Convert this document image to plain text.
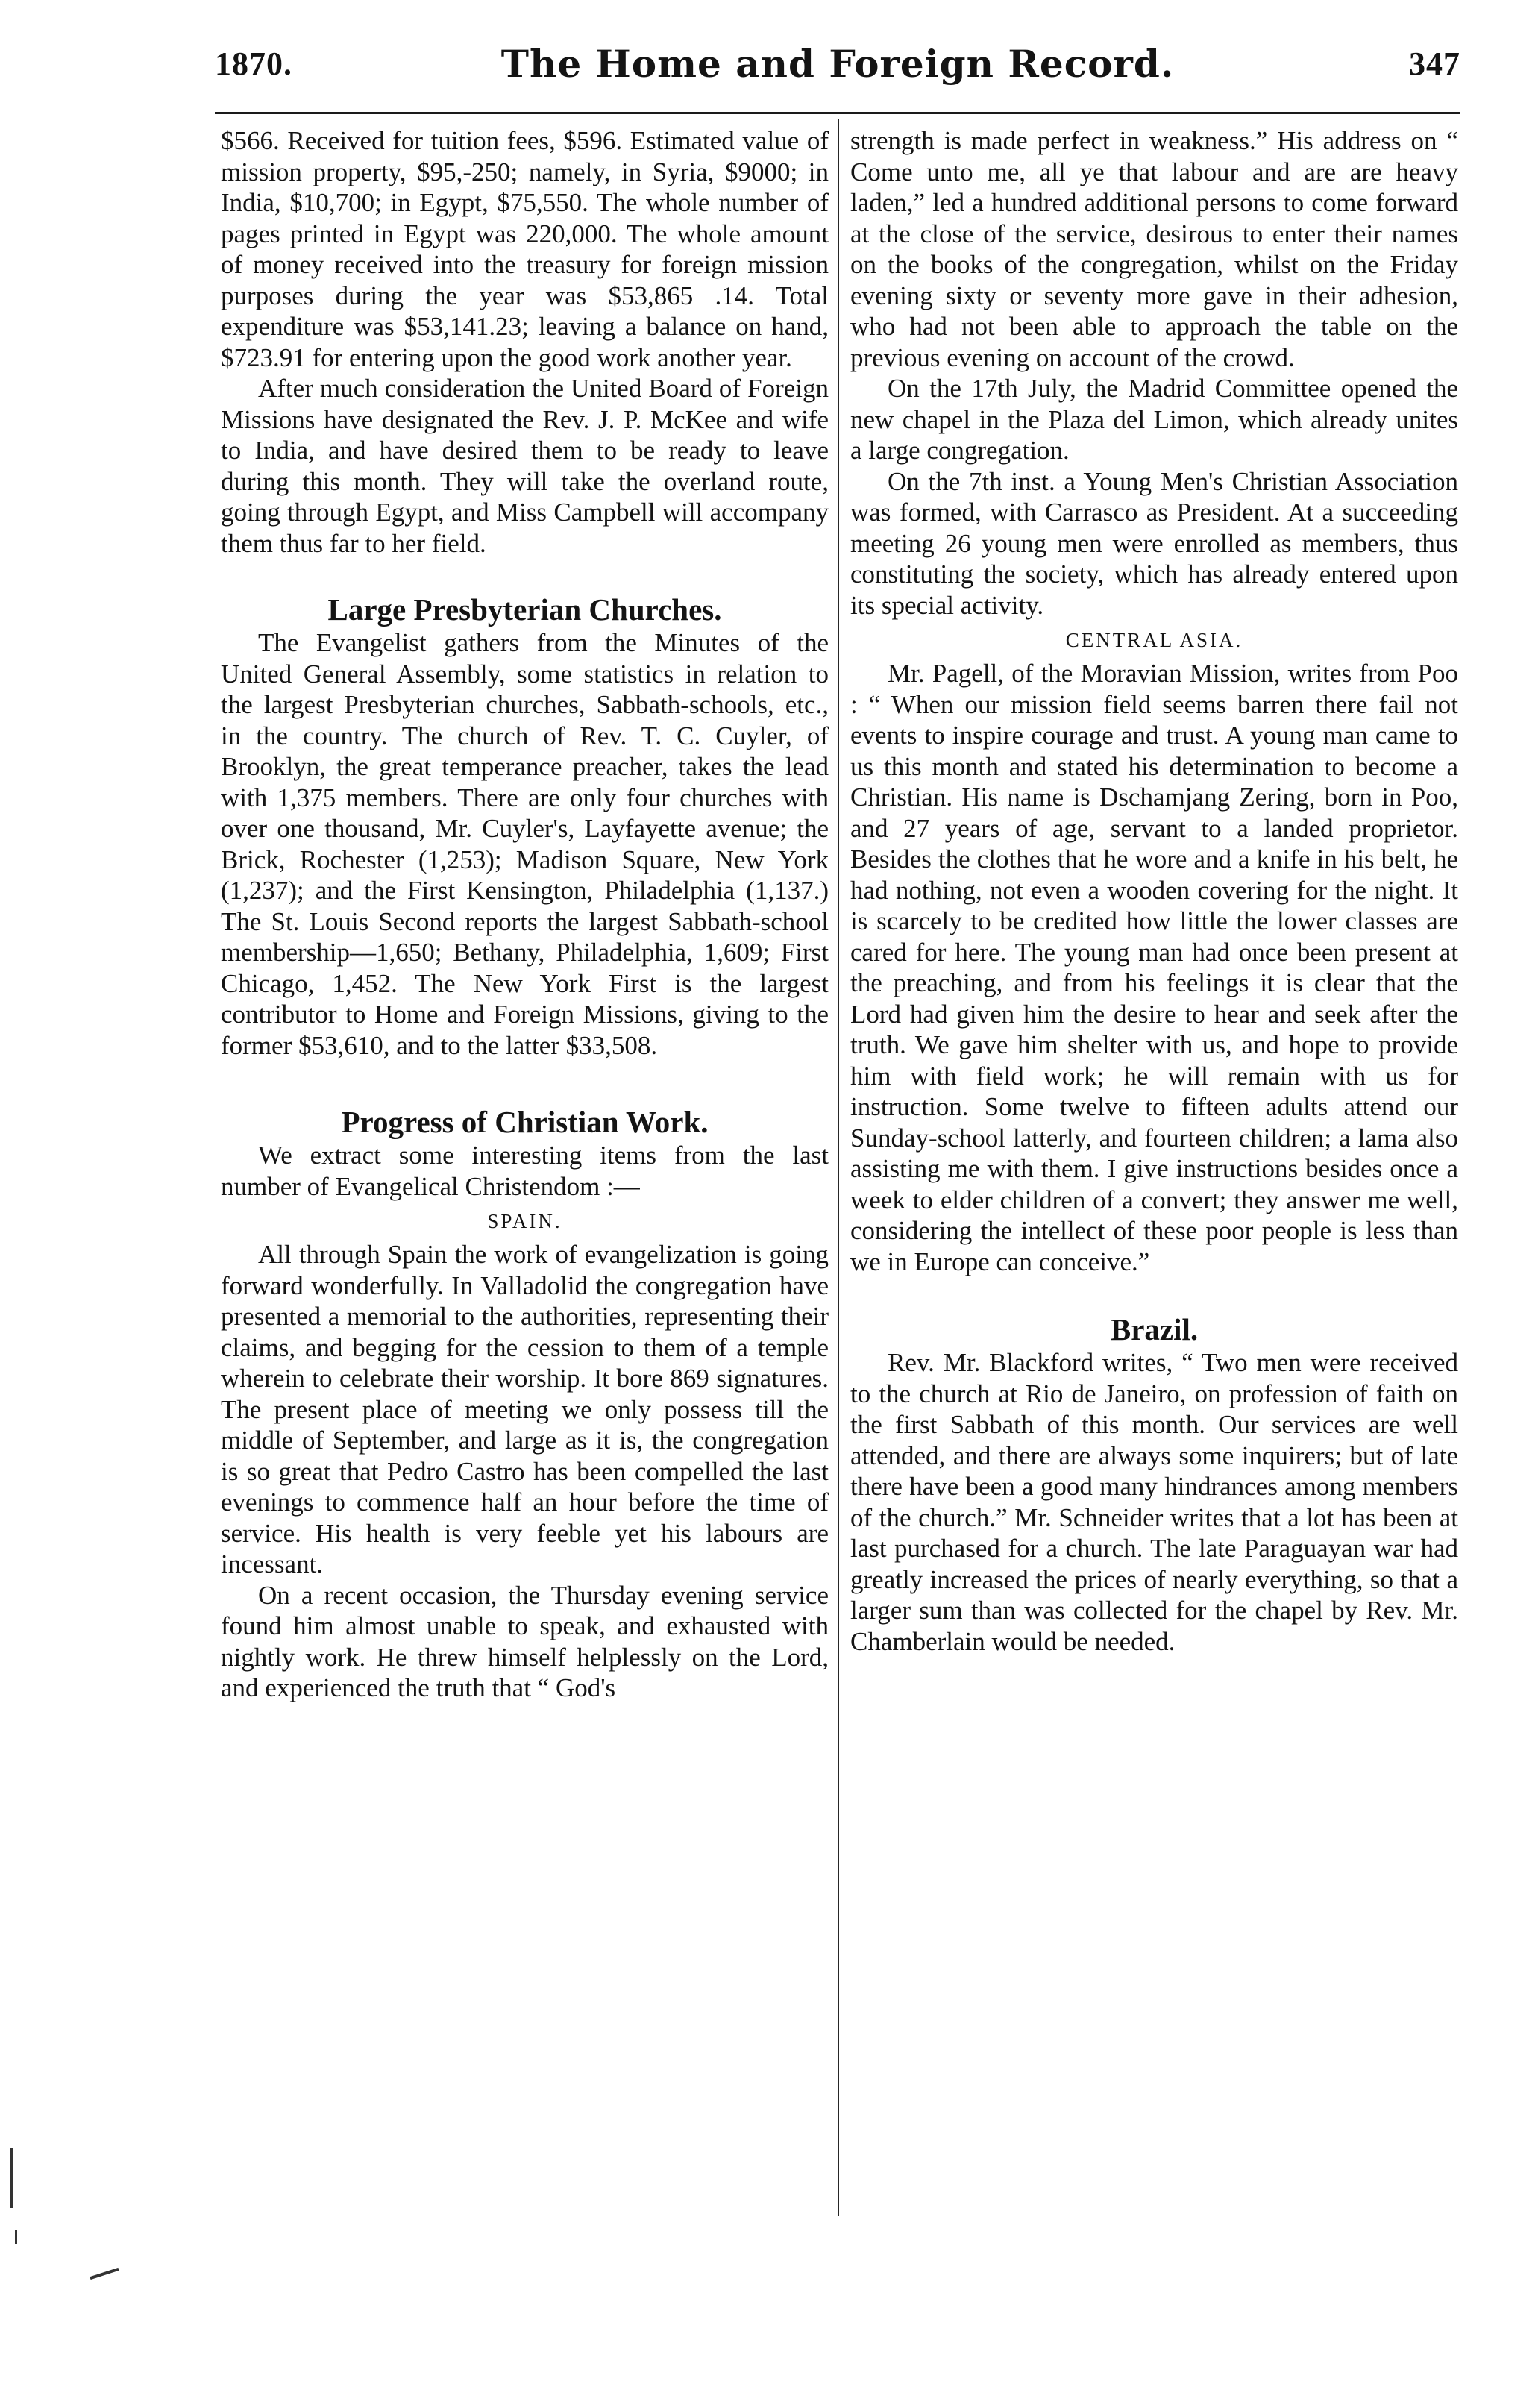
1870.	The Home and Foreign Record.	347

$566. Received for tuition fees, $596. Estimated value of mission property, $95,-250; namely, in Syria, $9000; in India, $10,700; in Egypt, $75,550. The whole number of pages printed in Egypt was 220,000. The whole amount of money received into the treasury for foreign mission purposes during the year was $53,865 .14. Total expenditure was $53,141.23; leaving a balance on hand, $723.91 for entering upon the good work another year.

After much consideration the United Board of Foreign Missions have designated the Rev. J. P. McKee and wife to India, and have desired them to be ready to leave during this month. They will take the overland route, going through Egypt, and Miss Campbell will accompany them thus far to her field.

Large Presbyterian Churches.

The Evangelist gathers from the Minutes of the United General Assembly, some statistics in relation to the largest Presbyterian churches, Sabbath-schools, etc., in the country. The church of Rev. T. C. Cuyler, of Brooklyn, the great temperance preacher, takes the lead with 1,375 members. There are only four churches with over one thousand, Mr. Cuyler's, Layfayette avenue; the Brick, Rochester (1,253); Madison Square, New York (1,237); and the First Kensington, Philadelphia (1,137.) The St. Louis Second reports the largest Sabbath-school membership—1,650; Bethany, Philadelphia, 1,609; First Chicago, 1,452. The New York First is the largest contributor to Home and Foreign Missions, giving to the former $53,610, and to the latter $33,508.

Progress of Christian Work.

We extract some interesting items from the last number of Evangelical Christendom :—

SPAIN.

All through Spain the work of evangelization is going forward wonderfully. In Valladolid the congregation have presented a memorial to the authorities, representing their claims, and begging for the cession to them of a temple wherein to celebrate their worship. It bore 869 signatures. The present place of meeting we only possess till the middle of September, and large as it is, the congregation is so great that Pedro Castro has been compelled the last evenings to commence half an hour before the time of service. His health is very feeble yet his labours are incessant.

On a recent occasion, the Thursday evening service found him almost unable to speak, and exhausted with nightly work. He threw himself helplessly on the Lord, and experienced the truth that “ God's

strength is made perfect in weakness.” His address on “ Come unto me, all ye that labour and are are heavy laden,” led a hundred additional persons to come forward at the close of the service, desirous to enter their names on the books of the congregation, whilst on the Friday evening sixty or seventy more gave in their adhesion, who had not been able to approach the table on the previous evening on account of the crowd.

On the 17th July, the Madrid Committee opened the new chapel in the Plaza del Limon, which already unites a large congregation.

On the 7th inst. a Young Men's Christian Association was formed, with Carrasco as President. At a succeeding meeting 26 young men were enrolled as members, thus constituting the society, which has already entered upon its special activity.

CENTRAL ASIA.

Mr. Pagell, of the Moravian Mission, writes from Poo : “ When our mission field seems barren there fail not events to inspire courage and trust. A young man came to us this month and stated his determination to become a Christian. His name is Dschamjang Zering, born in Poo, and 27 years of age, servant to a landed proprietor. Besides the clothes that he wore and a knife in his belt, he had nothing, not even a wooden covering for the night. It is scarcely to be credited how little the lower classes are cared for here. The young man had once been present at the preaching, and from his feelings it is clear that the Lord had given him the desire to hear and seek after the truth. We gave him shelter with us, and hope to provide him with field work; he will remain with us for instruction. Some twelve to fifteen adults attend our Sunday-school latterly, and fourteen children; a lama also assisting me with them. I give instructions besides once a week to elder children of a convert; they answer me well, considering the intellect of these poor people is less than we in Europe can conceive.”

Brazil.

Rev. Mr. Blackford writes, “ Two men were received to the church at Rio de Janeiro, on profession of faith on the first Sabbath of this month. Our services are well attended, and there are always some inquirers; but of late there have been a good many hindrances among members of the church.” Mr. Schneider writes that a lot has been at last purchased for a church. The late Paraguayan war had greatly increased the prices of nearly everything, so that a larger sum than was collected for the chapel by Rev. Mr. Chamberlain would be needed.
